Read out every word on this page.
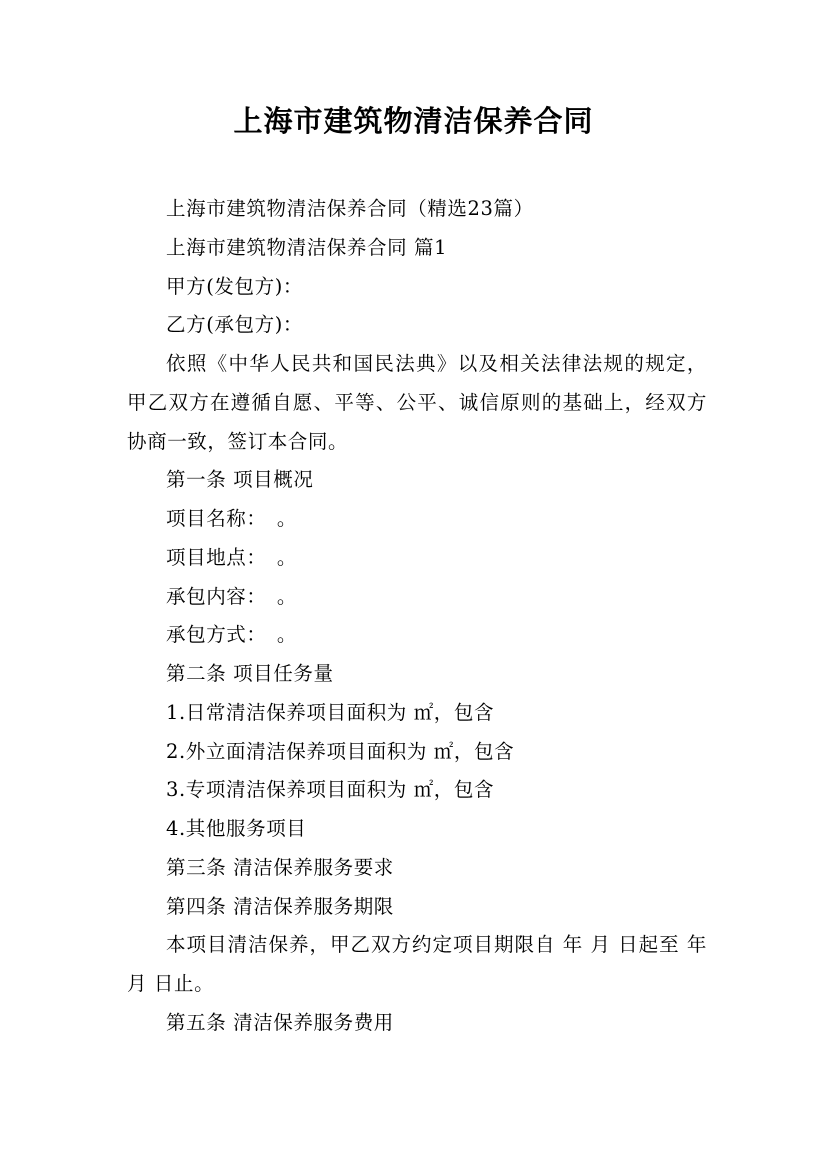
上海市建筑物清洁保养合同

上海市建筑物清洁保养合同（精选23篇）

上海市建筑物清洁保养合同 篇1

甲方(发包方)：

乙方(承包方)：

依照《中华人民共和国民法典》以及相关法律法规的规定，甲乙双方在遵循自愿、平等、公平、诚信原则的基础上，经双方协商一致，签订本合同。

第一条 项目概况

项目名称：　。

项目地点：　。

承包内容：　。

承包方式：　。

第二条 项目任务量

1.日常清洁保养项目面积为 ㎡，包含

2.外立面清洁保养项目面积为 ㎡，包含

3.专项清洁保养项目面积为 ㎡，包含

4.其他服务项目

第三条 清洁保养服务要求

第四条 清洁保养服务期限

本项目清洁保养，甲乙双方约定项目期限自 年 月 日起至 年 月 日止。

第五条 清洁保养服务费用
